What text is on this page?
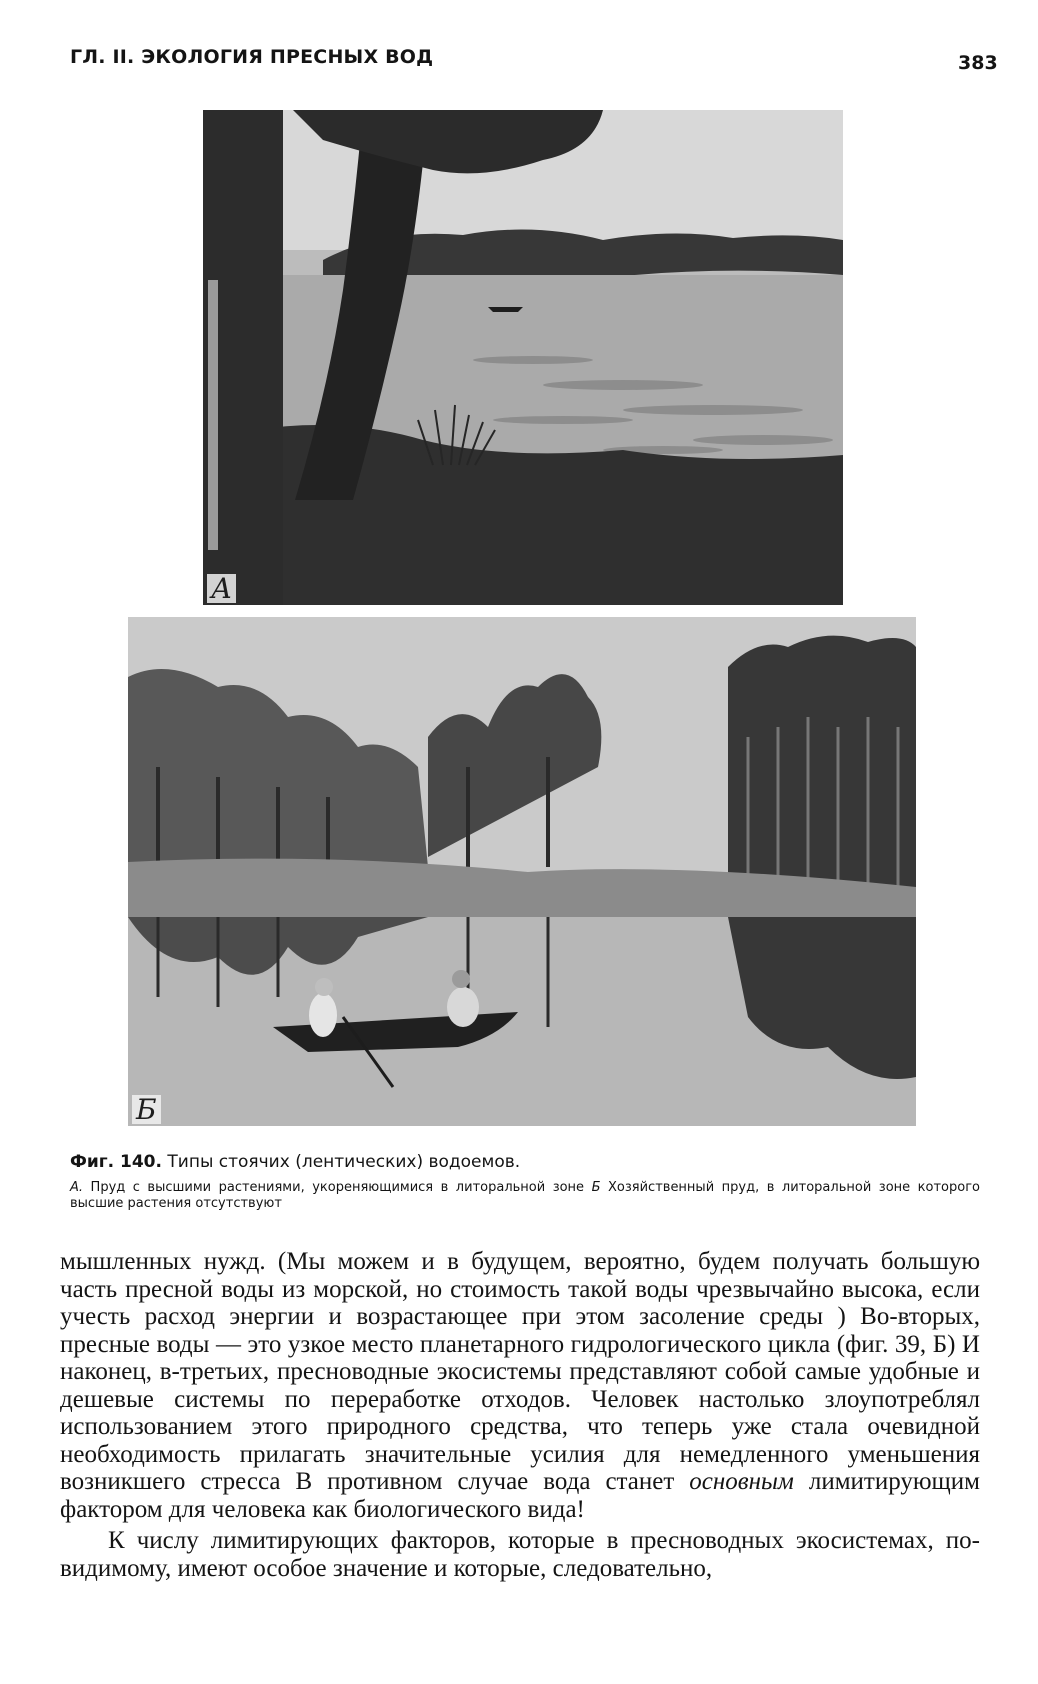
ГЛ. II. ЭКОЛОГИЯ ПРЕСНЫХ ВОД	383
А
Б

Фиг. 140. Типы стоячих (лентических) водоемов.

А. Пруд с высшими растениями, укореняющимися в литоральной зоне Б Хозяйственный пруд, в литоральной зоне которого высшие растения отсутствуют

мышленных нужд. (Мы можем и в будущем, вероятно, будем получать большую часть пресной воды из морской, но стоимость такой воды чрезвычайно высока, если учесть расход энергии и возрастающее при этом засоление среды ) Во-вторых, пресные воды — это узкое место планетарного гидрологического цикла (фиг. 39, Б) И наконец, в-третьих, пресноводные экосистемы представляют собой самые удобные и дешевые системы по переработке отходов. Человек настолько злоупотреблял использованием этого природного средства, что теперь уже стала очевидной необходимость прилагать значительные усилия для немедленного уменьшения возникшего стресса В противном случае вода станет основным лимитирующим фактором для человека как биологического вида!

К числу лимитирующих факторов, которые в пресноводных экосистемах, по-видимому, имеют особое значение и которые, следовательно,
